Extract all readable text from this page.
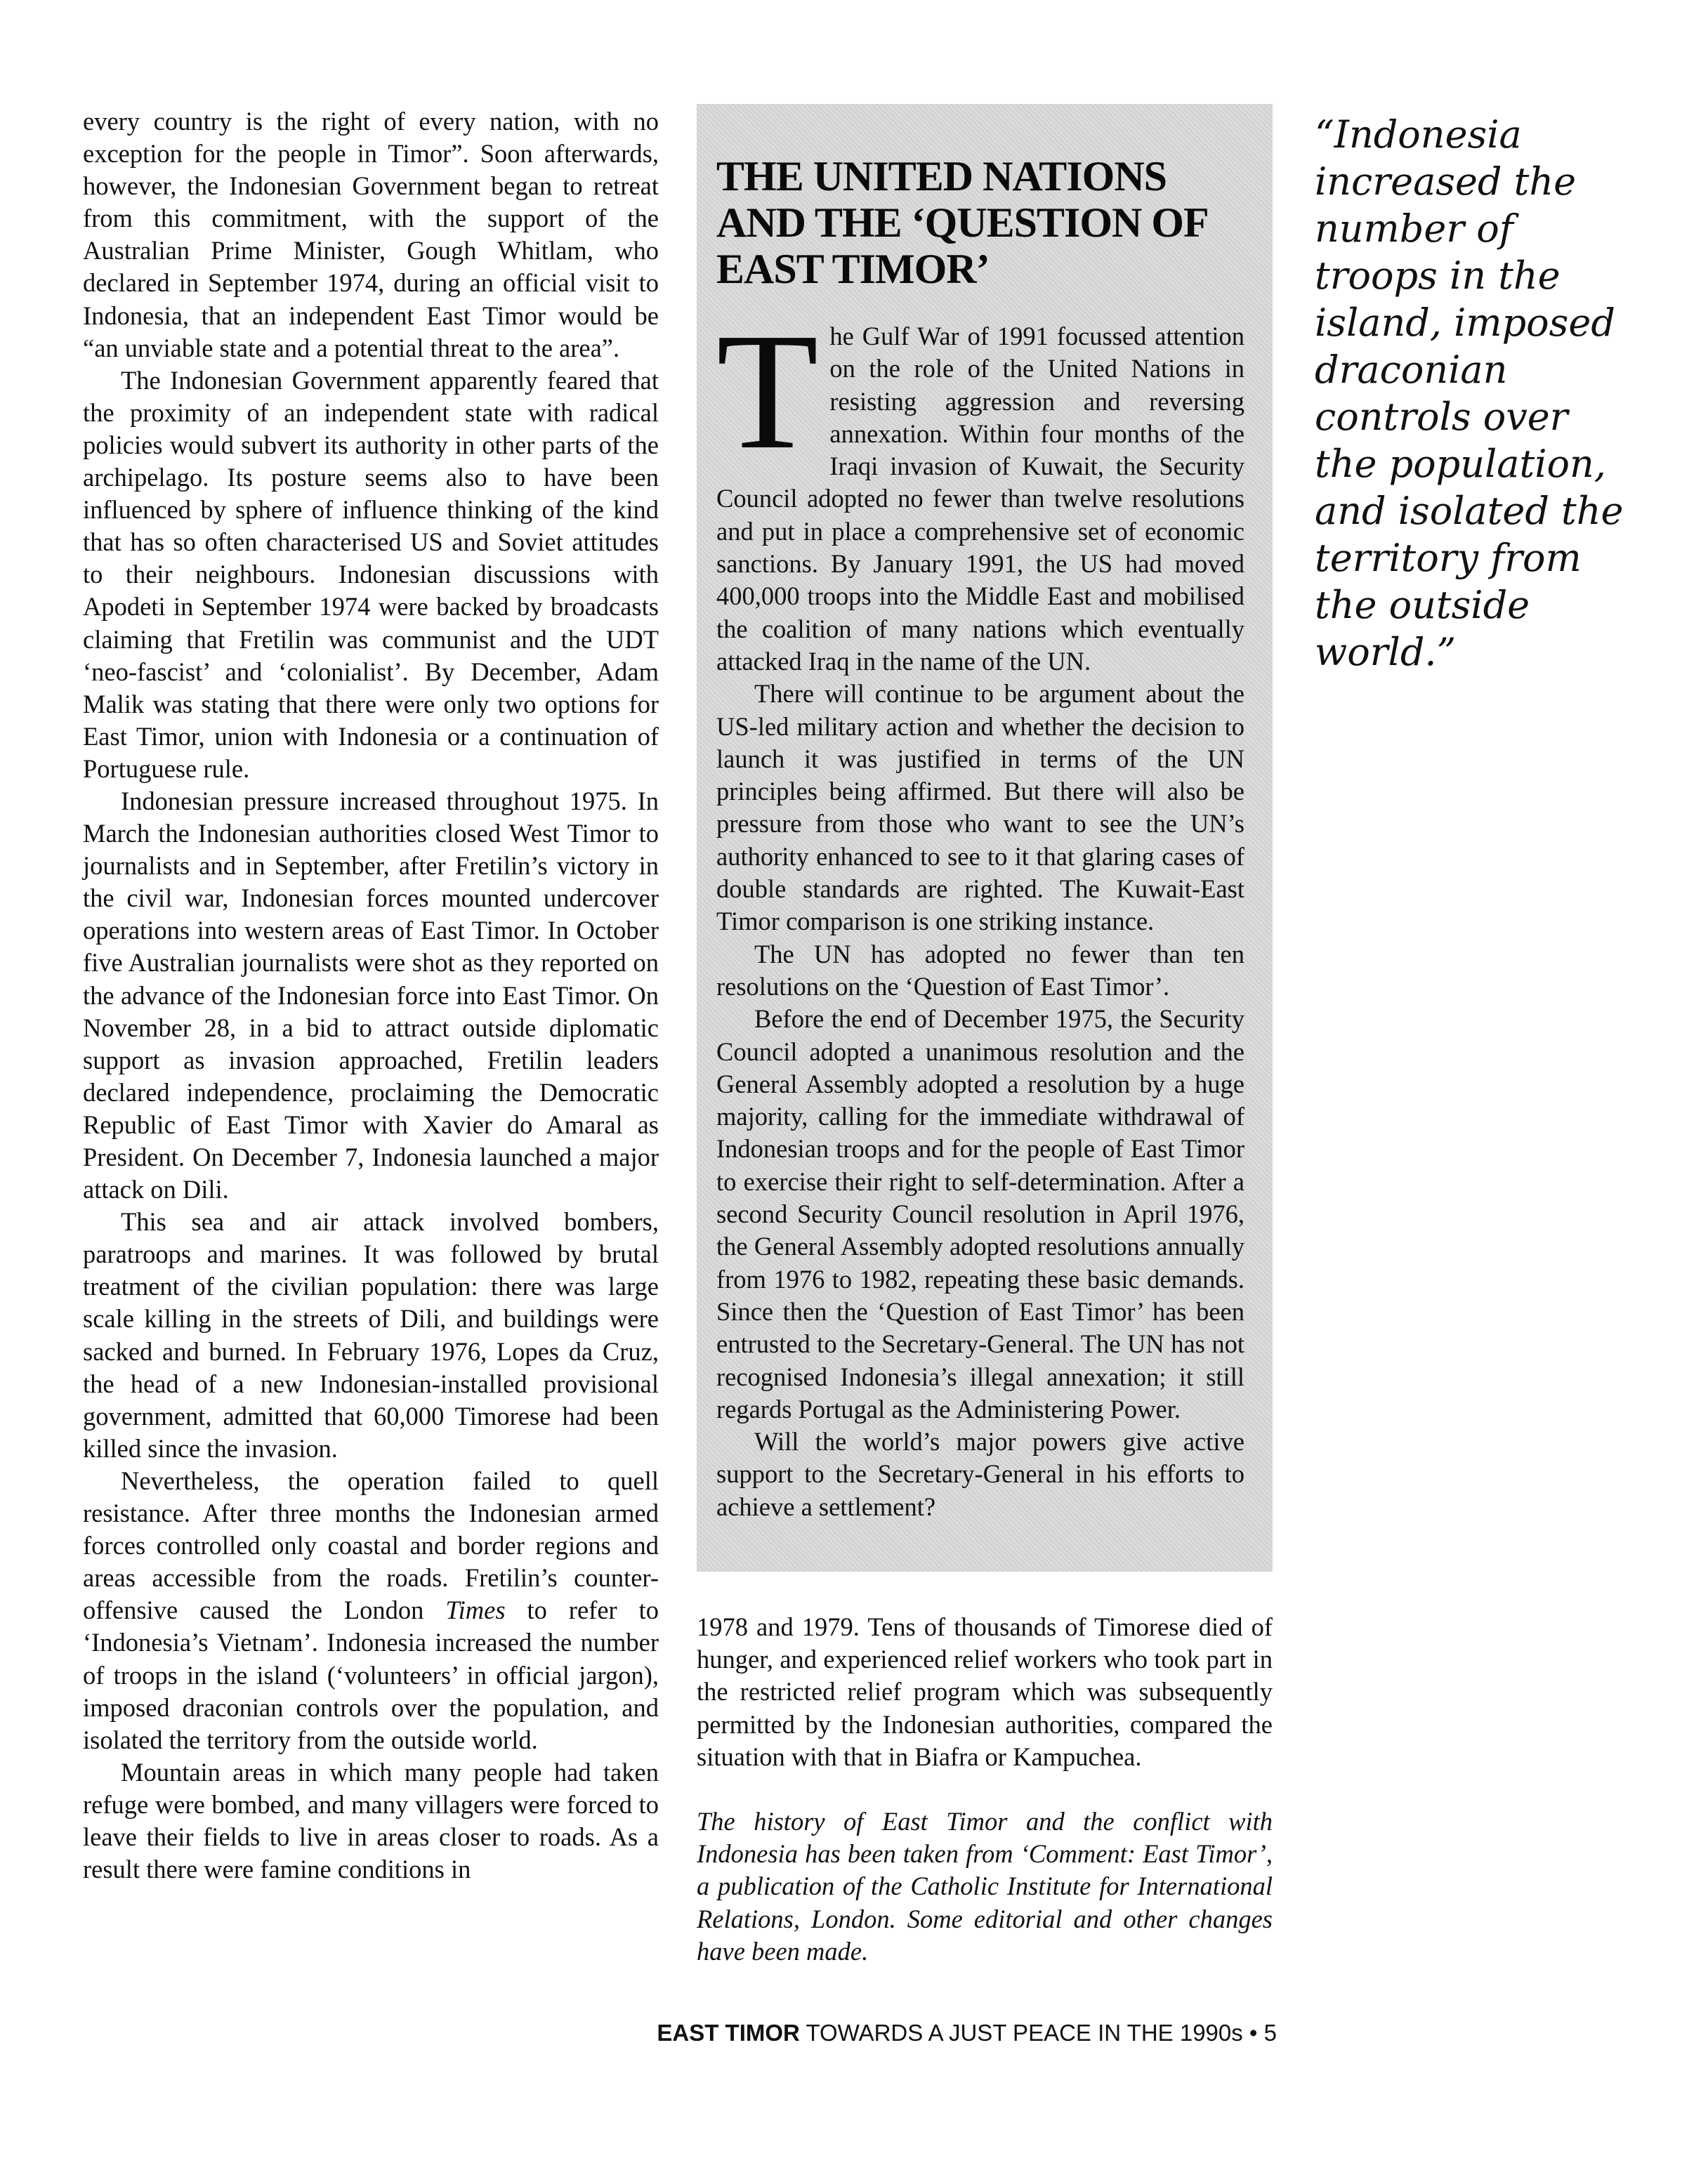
every country is the right of every nation, with no exception for the people in Timor”. Soon afterwards, however, the Indonesian Government began to retreat from this commitment, with the support of the Australian Prime Minister, Gough Whitlam, who declared in September 1974, during an official visit to Indonesia, that an independent East Timor would be “an unviable state and a potential threat to the area”.

The Indonesian Government apparently feared that the proximity of an independent state with radical policies would subvert its authority in other parts of the archipelago. Its posture seems also to have been influenced by sphere of influence thinking of the kind that has so often characterised US and Soviet attitudes to their neighbours. Indonesian discussions with Apodeti in September 1974 were backed by broadcasts claiming that Fretilin was communist and the UDT ‘neo-fascist’ and ‘colonialist’. By December, Adam Malik was stating that there were only two options for East Timor, union with Indonesia or a continuation of Portuguese rule.

Indonesian pressure increased throughout 1975. In March the Indonesian authorities closed West Timor to journalists and in September, after Fretilin’s victory in the civil war, Indonesian forces mounted undercover operations into western areas of East Timor. In October five Australian journalists were shot as they reported on the advance of the Indonesian force into East Timor. On November 28, in a bid to attract outside diplomatic support as invasion approached, Fretilin leaders declared independence, proclaiming the Democratic Republic of East Timor with Xavier do Amaral as President. On December 7, Indonesia launched a major attack on Dili.

This sea and air attack involved bombers, paratroops and marines. It was followed by brutal treatment of the civilian population: there was large scale killing in the streets of Dili, and buildings were sacked and burned. In February 1976, Lopes da Cruz, the head of a new Indonesian-installed provisional government, admitted that 60,000 Timorese had been killed since the invasion.

Nevertheless, the operation failed to quell resistance. After three months the Indonesian armed forces controlled only coastal and border regions and areas accessible from the roads. Fretilin’s counter-offensive caused the London Times to refer to ‘Indonesia’s Vietnam’. Indonesia increased the number of troops in the island (‘volunteers’ in official jargon), imposed draconian controls over the population, and isolated the territory from the outside world.

Mountain areas in which many people had taken refuge were bombed, and many villagers were forced to leave their fields to live in areas closer to roads. As a result there were famine conditions in

THE UNITED NATIONS AND THE ‘QUESTION OF EAST TIMOR’

The Gulf War of 1991 focussed attention on the role of the United Nations in resisting aggression and reversing annexation. Within four months of the Iraqi invasion of Kuwait, the Security Council adopted no fewer than twelve resolutions and put in place a comprehensive set of economic sanctions. By January 1991, the US had moved 400,000 troops into the Middle East and mobilised the coalition of many nations which eventually attacked Iraq in the name of the UN.

There will continue to be argument about the US-led military action and whether the decision to launch it was justified in terms of the UN principles being affirmed. But there will also be pressure from those who want to see the UN’s authority enhanced to see to it that glaring cases of double standards are righted. The Kuwait-East Timor comparison is one striking instance.

The UN has adopted no fewer than ten resolutions on the ‘Question of East Timor’.

Before the end of December 1975, the Security Council adopted a unanimous resolution and the General Assembly adopted a resolution by a huge majority, calling for the immediate withdrawal of Indonesian troops and for the people of East Timor to exercise their right to self-determination. After a second Security Council resolution in April 1976, the General Assembly adopted resolutions annually from 1976 to 1982, repeating these basic demands. Since then the ‘Question of East Timor’ has been entrusted to the Secretary-General. The UN has not recognised Indonesia’s illegal annexation; it still regards Portugal as the Administering Power.

Will the world’s major powers give active support to the Secretary-General in his efforts to achieve a settlement?

1978 and 1979. Tens of thousands of Timorese died of hunger, and experienced relief workers who took part in the restricted relief program which was subsequently permitted by the Indonesian authorities, compared the situation with that in Biafra or Kampuchea.

The history of East Timor and the conflict with Indonesia has been taken from ‘Comment: East Timor’, a publication of the Catholic Institute for International Relations, London. Some editorial and other changes have been made.

“Indonesia increased the number of troops in the island, imposed draconian controls over the population, and isolated the territory from the outside world.”
EAST TIMOR TOWARDS A JUST PEACE IN THE 1990s • 5
